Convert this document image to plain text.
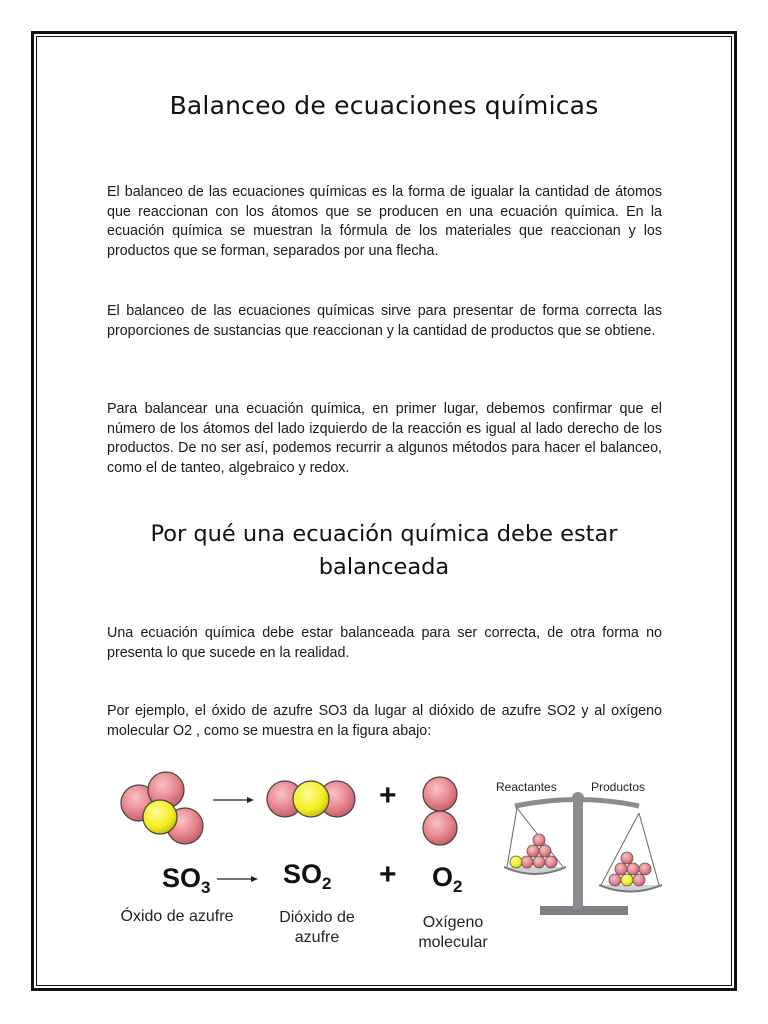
Balanceo de ecuaciones químicas

El balanceo de las ecuaciones químicas es la forma de igualar la cantidad de átomos que reaccionan con los átomos que se producen en una ecuación química. En la ecuación química se muestran la fórmula de los materiales que reaccionan y los productos que se forman, separados por una flecha.

El balanceo de las ecuaciones químicas sirve para presentar de forma correcta las proporciones de sustancias que reaccionan y la cantidad de productos que se obtiene.

Para balancear una ecuación química, en primer lugar, debemos confirmar que el número de los átomos del lado izquierdo de la reacción es igual al lado derecho de los productos. De no ser así, podemos recurrir a algunos métodos para hacer el balanceo, como el de tanteo, algebraico y redox.

Por qué una ecuación química debe estar balanceada

Una ecuación química debe estar balanceada para ser correcta, de otra forma no presenta lo que sucede en la realidad.

Por ejemplo, el óxido de azufre SO3 da lugar al dióxido de azufre SO2 y al oxígeno molecular O2 , como se muestra en la figura abajo:

+
+
$SO_3$	$SO_2$	$O_2$
Óxido de azufre	Dióxido de
azufre
Oxígeno
molecular
Reactantes	Productos
